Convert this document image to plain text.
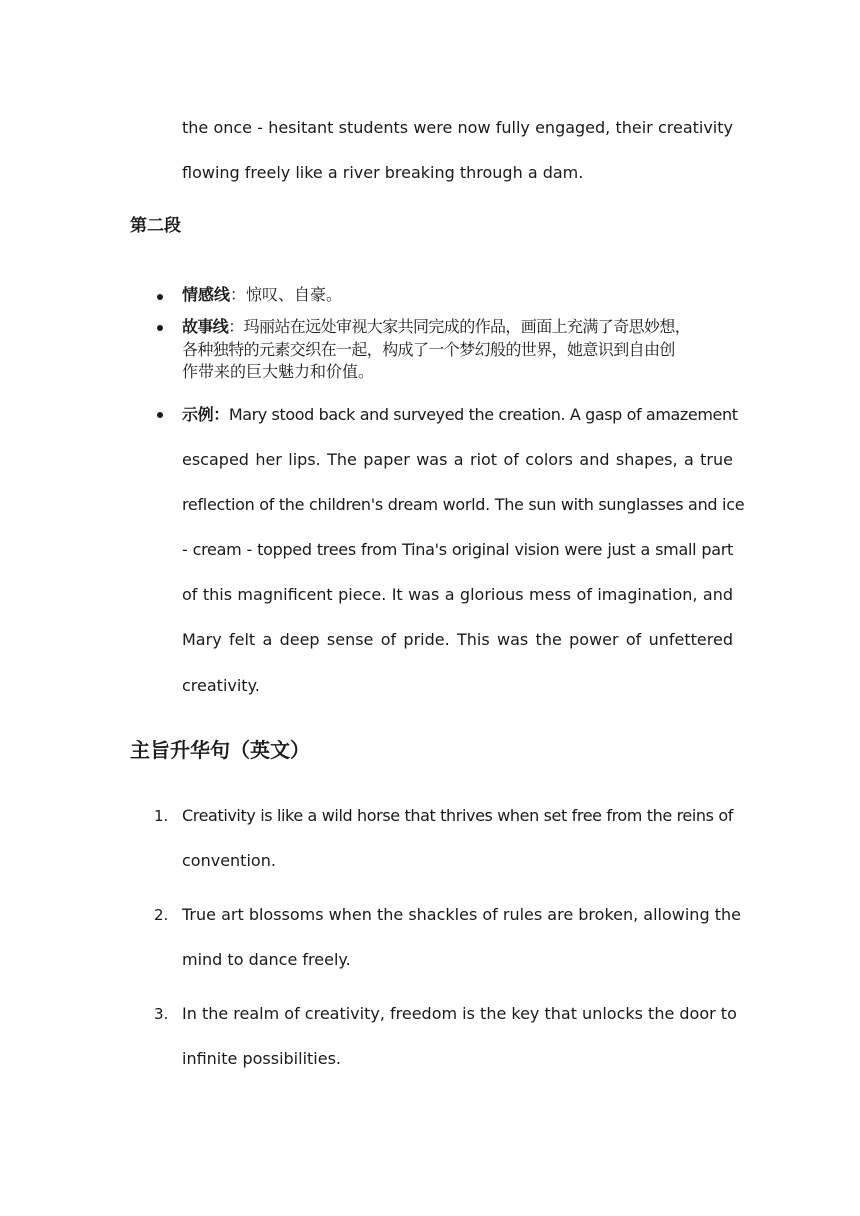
the once - hesitant students were now fully engaged, their creativity
flowing freely like a river breaking through a dam.
第二段
情感线：惊叹、自豪。
故事线：玛丽站在远处审视大家共同完成的作品，画面上充满了奇思妙想，
各种独特的元素交织在一起，构成了一个梦幻般的世界，她意识到自由创
作带来的巨大魅力和价值。
示例：Mary stood back and surveyed the creation. A gasp of amazement
escaped her lips. The paper was a riot of colors and shapes, a true
reflection of the children's dream world. The sun with sunglasses and ice
- cream - topped trees from Tina's original vision were just a small part
of this magnificent piece. It was a glorious mess of imagination, and
Mary felt a deep sense of pride. This was the power of unfettered
creativity.
主旨升华句（英文）
1. Creativity is like a wild horse that thrives when set free from the reins of
convention.
2. True art blossoms when the shackles of rules are broken, allowing the
mind to dance freely.
3. In the realm of creativity, freedom is the key that unlocks the door to
infinite possibilities.
